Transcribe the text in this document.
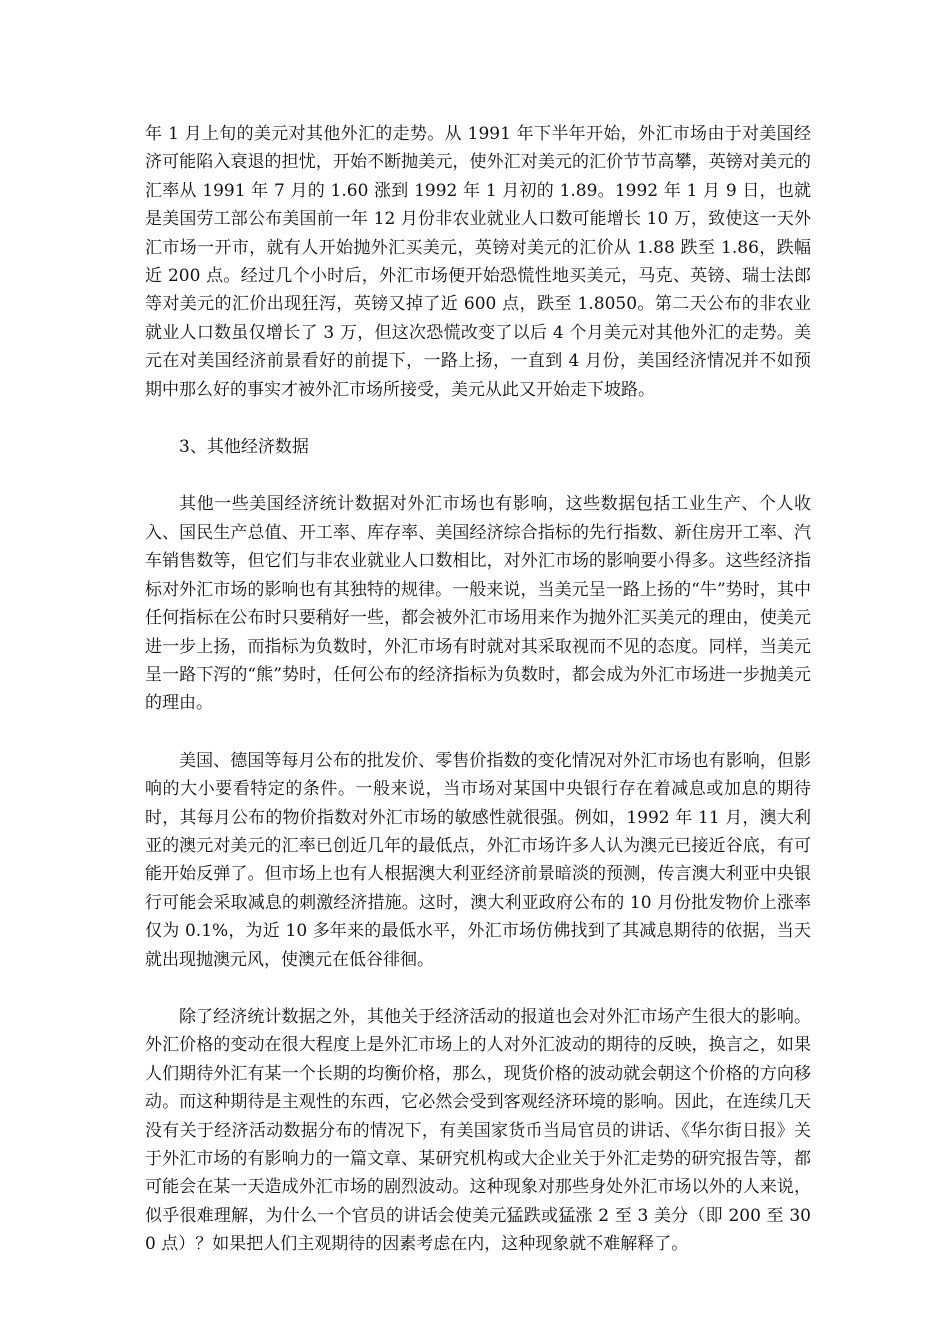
年 1 月上旬的美元对其他外汇的走势。从 1991 年下半年开始，外汇市场由于对美国经济可能陷入衰退的担忧，开始不断抛美元，使外汇对美元的汇价节节高攀，英镑对美元的汇率从 1991 年 7 月的 1.60 涨到 1992 年 1 月初的 1.89。1992 年 1 月 9 日，也就是美国劳工部公布美国前一年 12 月份非农业就业人口数可能增长 10 万，致使这一天外汇市场一开市，就有人开始抛外汇买美元，英镑对美元的汇价从 1.88 跌至 1.86，跌幅近 200 点。经过几个小时后，外汇市场便开始恐慌性地买美元，马克、英镑、瑞士法郎等对美元的汇价出现狂泻，英镑又掉了近 600 点，跌至 1.8050。第二天公布的非农业就业人口数虽仅增长了 3 万，但这次恐慌改变了以后 4 个月美元对其他外汇的走势。美元在对美国经济前景看好的前提下，一路上扬，一直到 4 月份，美国经济情况并不如预期中那么好的事实才被外汇市场所接受，美元从此又开始走下坡路。

3、其他经济数据

其他一些美国经济统计数据对外汇市场也有影响，这些数据包括工业生产、个人收入、国民生产总值、开工率、库存率、美国经济综合指标的先行指数、新住房开工率、汽车销售数等，但它们与非农业就业人口数相比，对外汇市场的影响要小得多。这些经济指标对外汇市场的影响也有其独特的规律。一般来说，当美元呈一路上扬的“牛”势时，其中任何指标在公布时只要稍好一些，都会被外汇市场用来作为抛外汇买美元的理由，使美元进一步上扬，而指标为负数时，外汇市场有时就对其采取视而不见的态度。同样，当美元呈一路下泻的“熊”势时，任何公布的经济指标为负数时，都会成为外汇市场进一步抛美元的理由。

美国、德国等每月公布的批发价、零售价指数的变化情况对外汇市场也有影响，但影响的大小要看特定的条件。一般来说，当市场对某国中央银行存在着减息或加息的期待时，其每月公布的物价指数对外汇市场的敏感性就很强。例如，1992 年 11 月，澳大利亚的澳元对美元的汇率已创近几年的最低点，外汇市场许多人认为澳元已接近谷底，有可能开始反弹了。但市场上也有人根据澳大利亚经济前景暗淡的预测，传言澳大利亚中央银行可能会采取减息的刺激经济措施。这时，澳大利亚政府公布的 10 月份批发物价上涨率仅为 0.1%，为近 10 多年来的最低水平，外汇市场仿佛找到了其减息期待的依据，当天就出现抛澳元风，使澳元在低谷徘徊。

除了经济统计数据之外，其他关于经济活动的报道也会对外汇市场产生很大的影响。外汇价格的变动在很大程度上是外汇市场上的人对外汇波动的期待的反映，换言之，如果人们期待外汇有某一个长期的均衡价格，那么，现货价格的波动就会朝这个价格的方向移动。而这种期待是主观性的东西，它必然会受到客观经济环境的影响。因此，在连续几天没有关于经济活动数据分布的情况下，有美国家货币当局官员的讲话、《华尔街日报》关于外汇市场的有影响力的一篇文章、某研究机构或大企业关于外汇走势的研究报告等，都可能会在某一天造成外汇市场的剧烈波动。这种现象对那些身处外汇市场以外的人来说，似乎很难理解，为什么一个官员的讲话会使美元猛跌或猛涨 2 至 3 美分（即 200 至 300 点）？如果把人们主观期待的因素考虑在内，这种现象就不难解释了。
